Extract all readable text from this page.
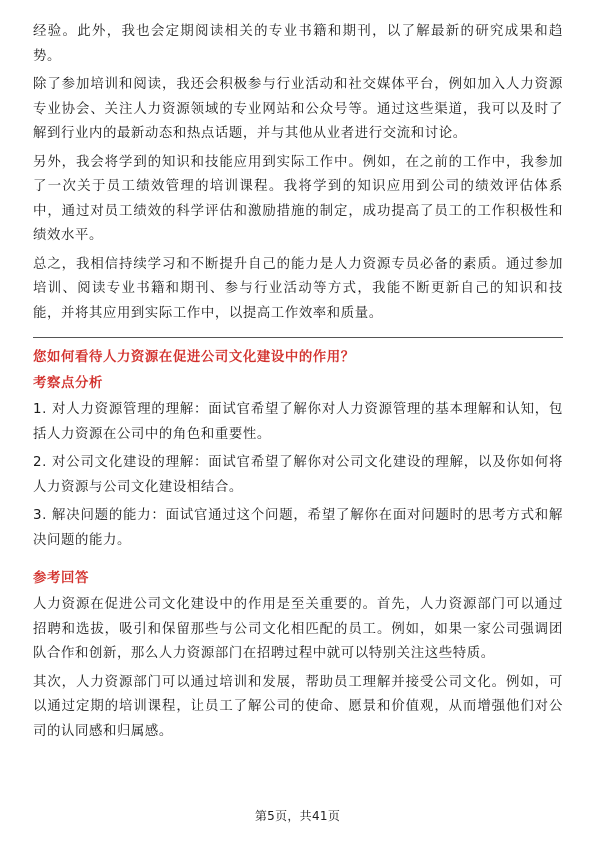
经验。此外，我也会定期阅读相关的专业书籍和期刊，以了解最新的研究成果和趋势。

除了参加培训和阅读，我还会积极参与行业活动和社交媒体平台，例如加入人力资源专业协会、关注人力资源领域的专业网站和公众号等。通过这些渠道，我可以及时了解到行业内的最新动态和热点话题，并与其他从业者进行交流和讨论。

另外，我会将学到的知识和技能应用到实际工作中。例如，在之前的工作中，我参加了一次关于员工绩效管理的培训课程。我将学到的知识应用到公司的绩效评估体系中，通过对员工绩效的科学评估和激励措施的制定，成功提高了员工的工作积极性和绩效水平。

总之，我相信持续学习和不断提升自己的能力是人力资源专员必备的素质。通过参加培训、阅读专业书籍和期刊、参与行业活动等方式，我能不断更新自己的知识和技能，并将其应用到实际工作中，以提高工作效率和质量。

您如何看待人力资源在促进公司文化建设中的作用？
考察点分析

1. 对人力资源管理的理解：面试官希望了解你对人力资源管理的基本理解和认知，包括人力资源在公司中的角色和重要性。

2. 对公司文化建设的理解：面试官希望了解你对公司文化建设的理解，以及你如何将人力资源与公司文化建设相结合。

3. 解决问题的能力：面试官通过这个问题，希望了解你在面对问题时的思考方式和解决问题的能力。

参考回答

人力资源在促进公司文化建设中的作用是至关重要的。首先，人力资源部门可以通过招聘和选拔，吸引和保留那些与公司文化相匹配的员工。例如，如果一家公司强调团队合作和创新，那么人力资源部门在招聘过程中就可以特别关注这些特质。

其次，人力资源部门可以通过培训和发展，帮助员工理解并接受公司文化。例如，可以通过定期的培训课程，让员工了解公司的使命、愿景和价值观，从而增强他们对公司的认同感和归属感。

第5页，共41页
